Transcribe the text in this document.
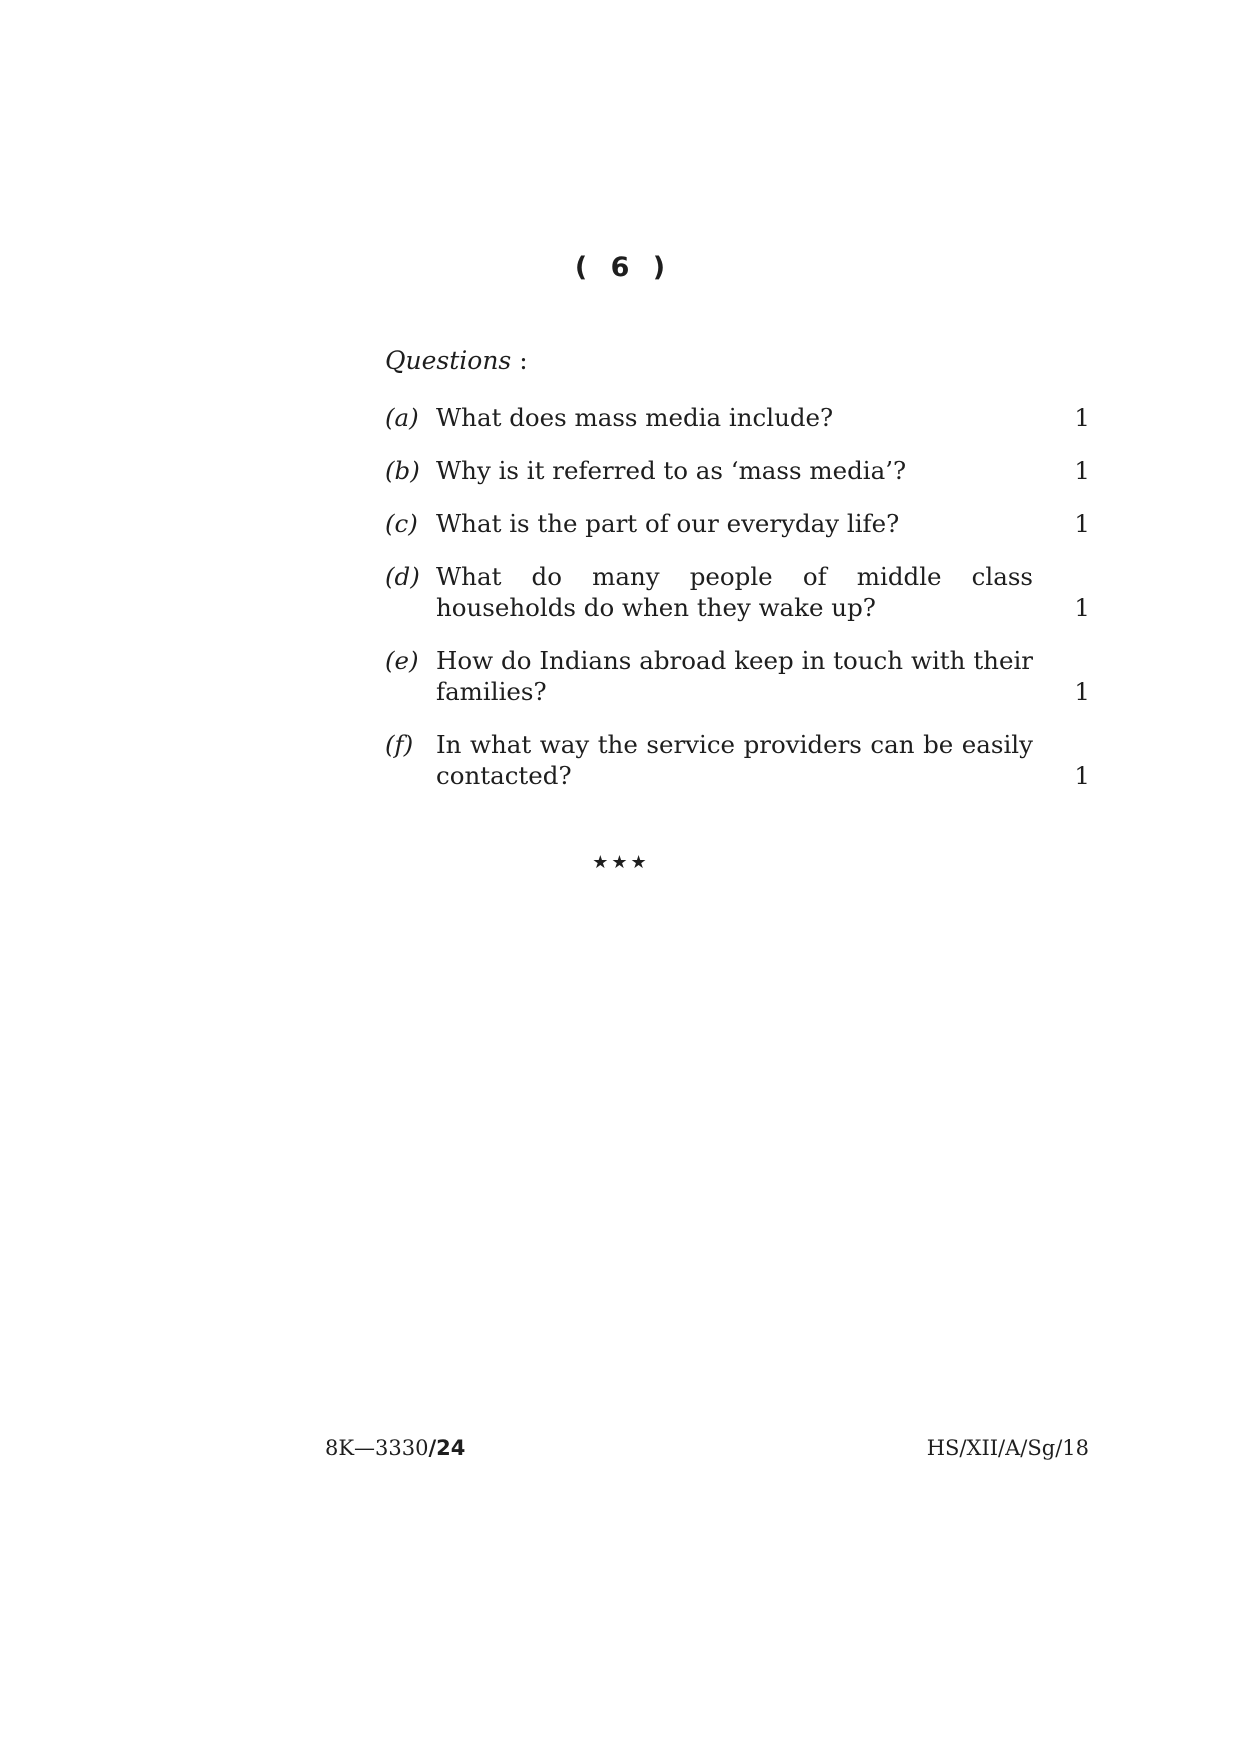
( 6 )
Questions :
(a) What does mass media include?	1
(b) Why is it referred to as ‘mass media’?	1
(c) What is the part of our everyday life?	1
(d) What do many people of middle class households do when they wake up?	1
(e) How do Indians abroad keep in touch with their families?	1
(f) In what way the service providers can be easily contacted?	1
★★★
8K—3330/24	HS/XII/A/Sg/18
